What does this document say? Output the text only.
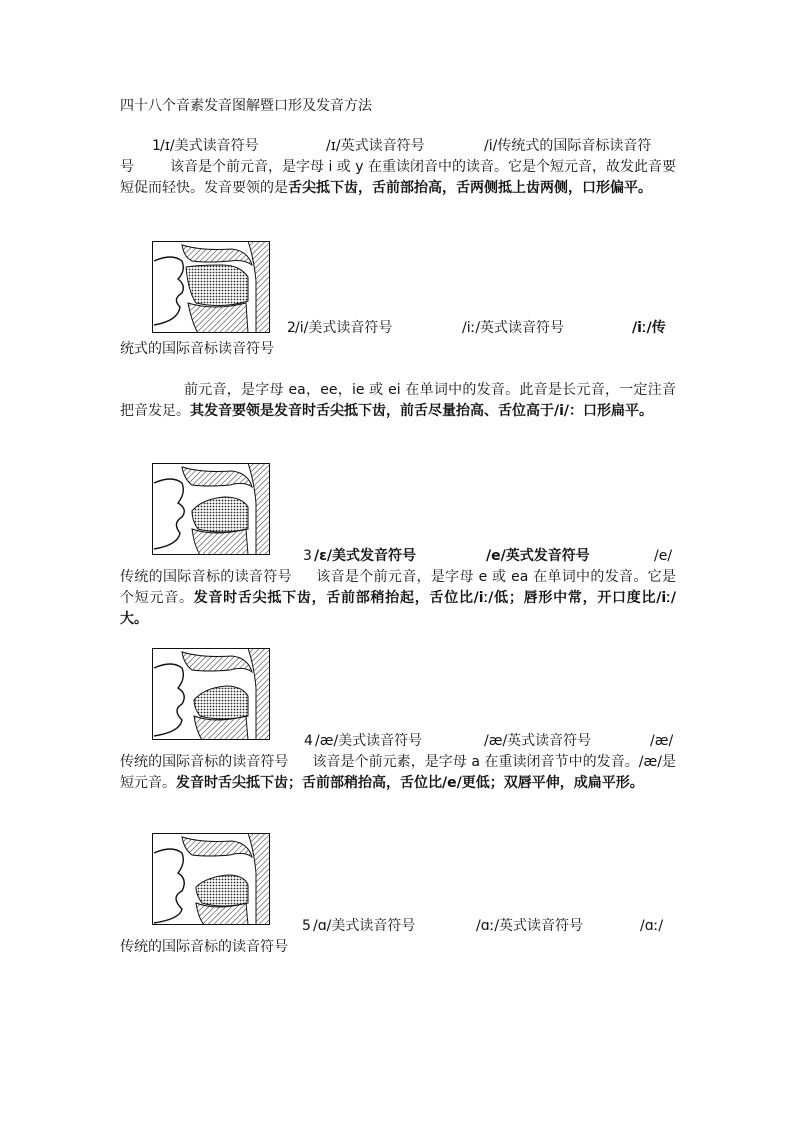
四十八个音素发音图解暨口形及发音方法
1 /ɪ/美式读音符号	/ɪ/英式读音符号	/i/传统式的国际音标读音符
号	该音是个前元音，是字母 i 或 y 在重读闭音中的读音。它是个短元音，故发此音要短促而轻快。发音要领的是舌尖抵下齿，舌前部抬高，舌两侧抵上齿两侧，口形偏平。
2 /i/美式读音符号	/iː/英式读音符号	/iː/传
统式的国际音标读音符号
前元音，是字母 ea，ee，ie 或 ei 在单词中的发音。此音是长元音，一定注音把音发足。其发音要领是发音时舌尖抵下齿，前舌尽量抬高、舌位高于/i/：口形扁平。
3 /ɛ/美式发音符号	/e/英式发音符号	/e/
传统的国际音标的读音符号 该音是个前元音，是字母 e 或 ea 在单词中的发音。它是个短元音。发音时舌尖抵下齿，舌前部稍抬起，舌位比/iː/低；唇形中常，开口度比/iː/大。
4 /æ/美式读音符号	/æ/英式读音符号	/æ/
传统的国际音标的读音符号 该音是个前元素，是字母 a 在重读闭音节中的发音。/æ/是短元音。发音时舌尖抵下齿；舌前部稍抬高，舌位比/e/更低；双唇平伸，成扁平形。
5 /ɑ/美式读音符号	/ɑː/英式读音符号	/ɑː/
传统的国际音标的读音符号
